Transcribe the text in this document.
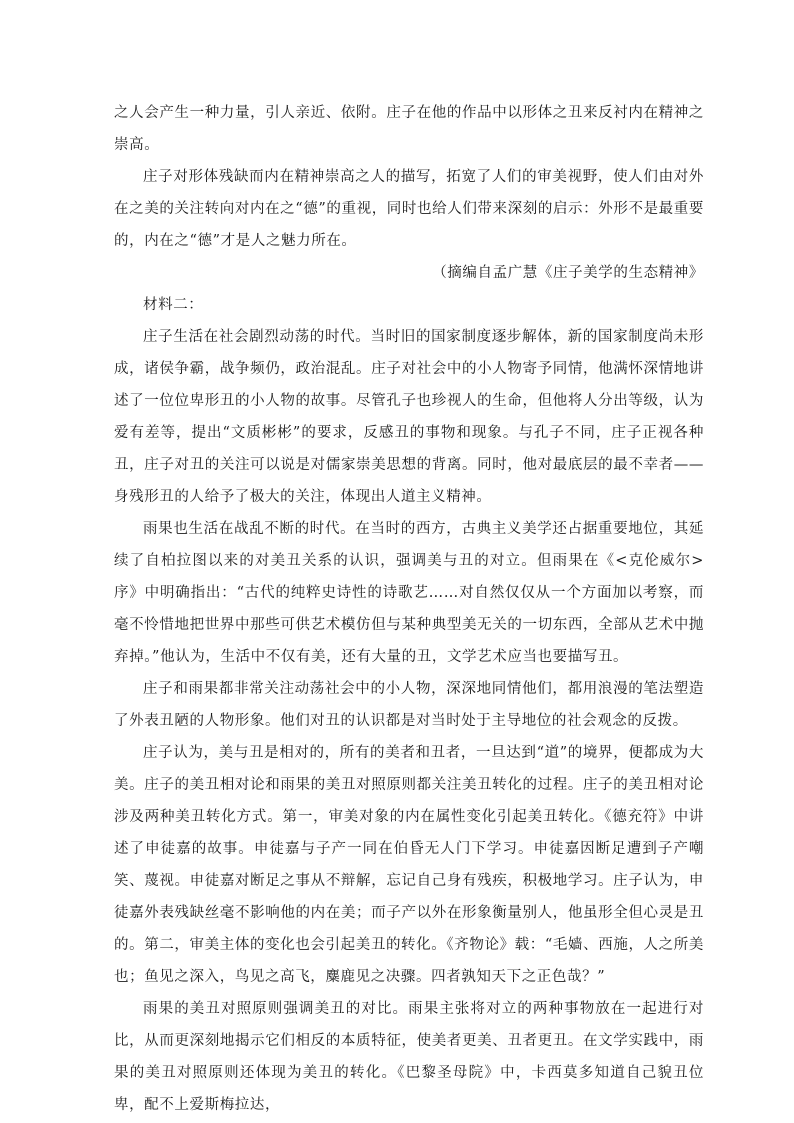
之人会产生一种力量，引人亲近、依附。庄子在他的作品中以形体之丑来反衬内在精神之崇高。

庄子对形体残缺而内在精神崇高之人的描写，拓宽了人们的审美视野，使人们由对外在之美的关注转向对内在之“德”的重视，同时也给人们带来深刻的启示：外形不是最重要的，内在之“德”才是人之魅力所在。

（摘编自孟广慧《庄子美学的生态精神》

材料二：

庄子生活在社会剧烈动荡的时代。当时旧的国家制度逐步解体，新的国家制度尚未形成，诸侯争霸，战争频仍，政治混乱。庄子对社会中的小人物寄予同情，他满怀深情地讲述了一位位卑形丑的小人物的故事。尽管孔子也珍视人的生命，但他将人分出等级，认为爱有差等，提出“文质彬彬”的要求，反感丑的事物和现象。与孔子不同，庄子正视各种丑，庄子对丑的关注可以说是对儒家崇美思想的背离。同时，他对最底层的最不幸者——身残形丑的人给予了极大的关注，体现出人道主义精神。

雨果也生活在战乱不断的时代。在当时的西方，古典主义美学还占据重要地位，其延续了自柏拉图以来的对美丑关系的认识，强调美与丑的对立。但雨果在《<克伦威尔>序》中明确指出：“古代的纯粹史诗性的诗歌艺……对自然仅仅从一个方面加以考察，而毫不怜惜地把世界中那些可供艺术模仿但与某种典型美无关的一切东西，全部从艺术中抛弃掉。”他认为，生活中不仅有美，还有大量的丑，文学艺术应当也要描写丑。

庄子和雨果都非常关注动荡社会中的小人物，深深地同情他们，都用浪漫的笔法塑造了外表丑陋的人物形象。他们对丑的认识都是对当时处于主导地位的社会观念的反拨。

庄子认为，美与丑是相对的，所有的美者和丑者，一旦达到“道”的境界，便都成为大美。庄子的美丑相对论和雨果的美丑对照原则都关注美丑转化的过程。庄子的美丑相对论涉及两种美丑转化方式。第一，审美对象的内在属性变化引起美丑转化。《德充符》中讲述了申徒嘉的故事。申徒嘉与子产一同在伯昏无人门下学习。申徒嘉因断足遭到子产嘲笑、蔑视。申徒嘉对断足之事从不辩解，忘记自己身有残疾，积极地学习。庄子认为，申徒嘉外表残缺丝毫不影响他的内在美；而子产以外在形象衡量别人，他虽形全但心灵是丑的。第二，审美主体的变化也会引起美丑的转化。《齐物论》载：“毛嫱、西施，人之所美也；鱼见之深入，鸟见之高飞，麋鹿见之决骤。四者孰知天下之正色哉？”

雨果的美丑对照原则强调美丑的对比。雨果主张将对立的两种事物放在一起进行对比，从而更深刻地揭示它们相反的本质特征，使美者更美、丑者更丑。在文学实践中，雨果的美丑对照原则还体现为美丑的转化。《巴黎圣母院》中，卡西莫多知道自己貌丑位卑，配不上爱斯梅拉达，
